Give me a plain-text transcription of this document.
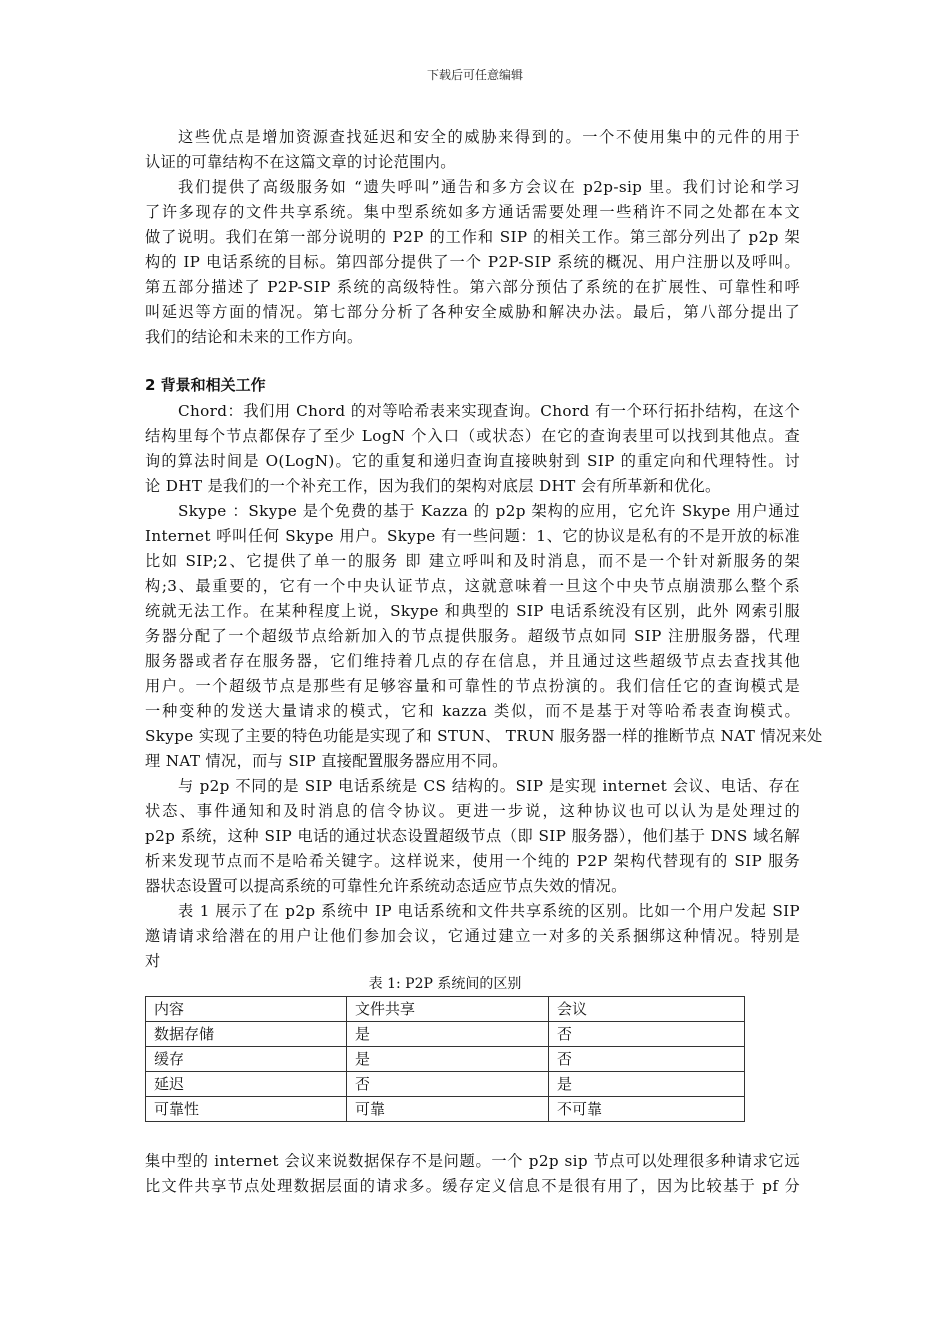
下载后可任意编辑
这些优点是增加资源查找延迟和安全的威胁来得到的。一个不使用集中的元件的用于
认证的可靠结构不在这篇文章的讨论范围内。
我们提供了高级服务如 “遗失呼叫”通告和多方会议在 p2p-sip 里。我们讨论和学习
了许多现存的文件共享系统。集中型系统如多方通话需要处理一些稍许不同之处都在本文
做了说明。我们在第一部分说明的 P2P 的工作和 SIP 的相关工作。第三部分列出了 p2p 架
构的 IP 电话系统的目标。第四部分提供了一个 P2P-SIP 系统的概况、用户注册以及呼叫。
第五部分描述了 P2P-SIP 系统的高级特性。第六部分预估了系统的在扩展性、可靠性和呼
叫延迟等方面的情况。第七部分分析了各种安全威胁和解决办法。最后，第八部分提出了
我们的结论和未来的工作方向。
2 背景和相关工作
Chord：我们用 Chord 的对等哈希表来实现查询。Chord 有一个环行拓扑结构，在这个
结构里每个节点都保存了至少 LogN 个入口（或状态）在它的查询表里可以找到其他点。查
询的算法时间是 O(LogN)。它的重复和递归查询直接映射到 SIP 的重定向和代理特性。讨
论 DHT 是我们的一个补充工作，因为我们的架构对底层 DHT 会有所革新和优化。
Skype ：Skype 是个免费的基于 Kazza 的 p2p 架构的应用，它允许 Skype 用户通过
Internet 呼叫任何 Skype 用户。Skype 有一些问题：1、它的协议是私有的不是开放的标准
比如 SIP;2、它提供了单一的服务 即 建立呼叫和及时消息，而不是一个针对新服务的架
构;3、最重要的，它有一个中央认证节点，这就意味着一旦这个中央节点崩溃那么整个系
统就无法工作。在某种程度上说，Skype 和典型的 SIP 电话系统没有区别，此外 网索引服
务器分配了一个超级节点给新加入的节点提供服务。超级节点如同 SIP 注册服务器，代理
服务器或者存在服务器，它们维持着几点的存在信息，并且通过这些超级节点去查找其他
用户。一个超级节点是那些有足够容量和可靠性的节点扮演的。我们信任它的查询模式是
一种变种的发送大量请求的模式，它和 kazza 类似，而不是基于对等哈希表查询模式。
Skype 实现了主要的特色功能是实现了和 STUN、 TRUN 服务器一样的推断节点 NAT 情况来处
理 NAT 情况，而与 SIP 直接配置服务器应用不同。
与 p2p 不同的是 SIP 电话系统是 CS 结构的。SIP 是实现 internet 会议、电话、存在
状态、事件通知和及时消息的信令协议。更进一步说，这种协议也可以认为是处理过的
p2p 系统，这种 SIP 电话的通过状态设置超级节点（即 SIP 服务器），他们基于 DNS 域名解
析来发现节点而不是哈希关键字。这样说来，使用一个纯的 P2P 架构代替现有的 SIP 服务
器状态设置可以提高系统的可靠性允许系统动态适应节点失效的情况。
表 1 展示了在 p2p 系统中 IP 电话系统和文件共享系统的区别。比如一个用户发起 SIP
邀请请求给潜在的用户让他们参加会议，它通过建立一对多的关系捆绑这种情况。特别是
对
表 1: P2P 系统间的区别
内容	文件共享	会议
数据存储	是	否
缓存	是	否
延迟	否	是
可靠性	可靠	不可靠
集中型的 internet 会议来说数据保存不是问题。一个 p2p sip 节点可以处理很多种请求它远
比文件共享节点处理数据层面的请求多。缓存定义信息不是很有用了，因为比较基于 pf 分
